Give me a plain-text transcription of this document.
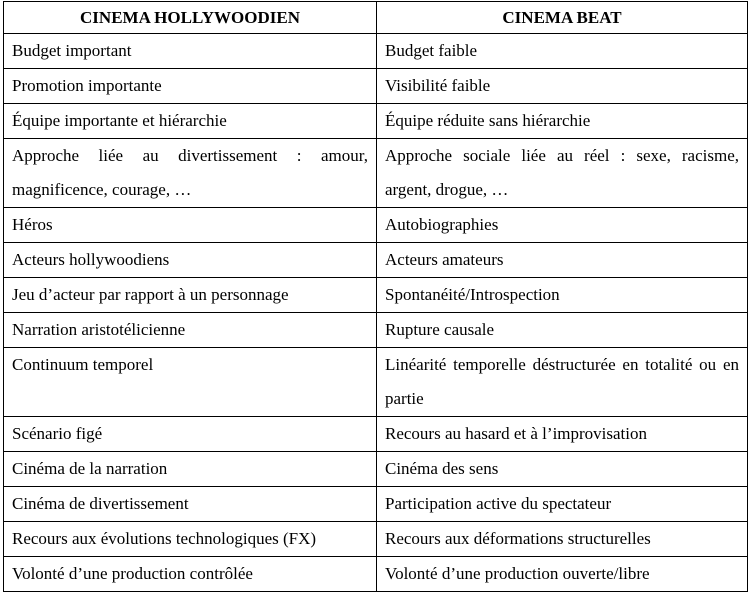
CINEMA HOLLYWOODIEN	CINEMA BEAT
Budget important	Budget faible
Promotion importante	Visibilité faible
Équipe importante et hiérarchie	Équipe réduite sans hiérarchie
Approche liée au divertissement : amour, magnificence, courage, …	Approche sociale liée au réel : sexe, racisme, argent, drogue, …
Héros	Autobiographies
Acteurs hollywoodiens	Acteurs amateurs
Jeu d’acteur par rapport à un personnage	Spontanéité/Introspection
Narration aristotélicienne	Rupture causale
Continuum temporel	Linéarité temporelle déstructurée en totalité ou en partie
Scénario figé	Recours au hasard et à l’improvisation
Cinéma de la narration	Cinéma des sens
Cinéma de divertissement	Participation active du spectateur
Recours aux évolutions technologiques (FX)	Recours aux déformations structurelles
Volonté d’une production contrôlée	Volonté d’une production ouverte/libre
